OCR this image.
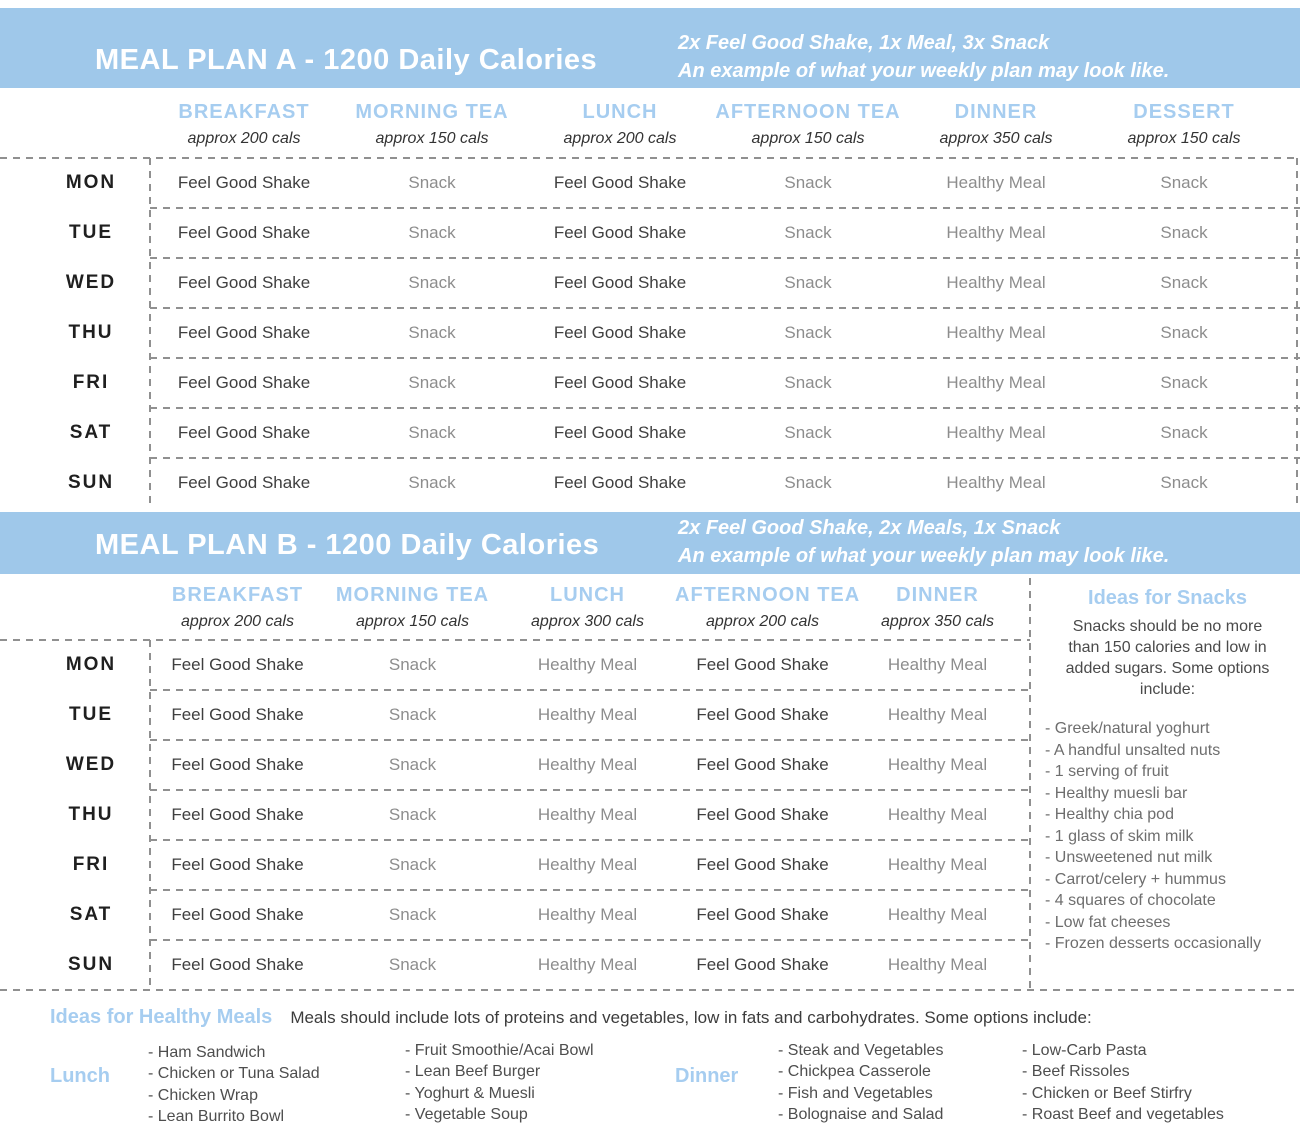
MEAL PLAN A - 1200 Daily Calories
2x Feel Good Shake, 1x Meal, 3x Snack
An example of what your weekly plan may look like.
BREAKFAST
approx 200 cals
MORNING TEA
approx 150 cals
LUNCH
approx 200 cals
AFTERNOON TEA
approx 150 cals
DINNER
approx 350 cals
DESSERT
approx 150 cals
MON	Feel Good Shake	Snack	Feel Good Shake	Snack	Healthy Meal	Snack
TUE	Feel Good Shake	Snack	Feel Good Shake	Snack	Healthy Meal	Snack
WED	Feel Good Shake	Snack	Feel Good Shake	Snack	Healthy Meal	Snack
THU	Feel Good Shake	Snack	Feel Good Shake	Snack	Healthy Meal	Snack
FRI	Feel Good Shake	Snack	Feel Good Shake	Snack	Healthy Meal	Snack
SAT	Feel Good Shake	Snack	Feel Good Shake	Snack	Healthy Meal	Snack
SUN	Feel Good Shake	Snack	Feel Good Shake	Snack	Healthy Meal	Snack
MEAL PLAN B - 1200 Daily Calories
2x Feel Good Shake, 2x Meals, 1x Snack
An example of what your weekly plan may look like.
BREAKFAST
approx 200 cals
MORNING TEA
approx 150 cals
LUNCH
approx 300 cals
AFTERNOON TEA
approx 200 cals
DINNER
approx 350 cals
MON	Feel Good Shake	Snack	Healthy Meal	Feel Good Shake	Healthy Meal
TUE	Feel Good Shake	Snack	Healthy Meal	Feel Good Shake	Healthy Meal
WED	Feel Good Shake	Snack	Healthy Meal	Feel Good Shake	Healthy Meal
THU	Feel Good Shake	Snack	Healthy Meal	Feel Good Shake	Healthy Meal
FRI	Feel Good Shake	Snack	Healthy Meal	Feel Good Shake	Healthy Meal
SAT	Feel Good Shake	Snack	Healthy Meal	Feel Good Shake	Healthy Meal
SUN	Feel Good Shake	Snack	Healthy Meal	Feel Good Shake	Healthy Meal
Ideas for Snacks

Snacks should be no more than 150 calories and low in added sugars. Some options include:

- Greek/natural yoghurt
- A handful unsalted nuts
- 1 serving of fruit
- Healthy muesli bar
- Healthy chia pod
- 1 glass of skim milk
- Unsweetened nut milk
- Carrot/celery + hummus
- 4 squares of chocolate
- Low fat cheeses
- Frozen desserts occasionally
Ideas for Healthy Meals Meals should include lots of proteins and vegetables, low in fats and carbohydrates. Some options include:
Lunch
- Ham Sandwich
- Chicken or Tuna Salad
- Chicken Wrap
- Lean Burrito Bowl
- Fruit Smoothie/Acai Bowl
- Lean Beef Burger
- Yoghurt & Muesli
- Vegetable Soup
Dinner
- Steak and Vegetables
- Chickpea Casserole
- Fish and Vegetables
- Bolognaise and Salad
- Low-Carb Pasta
- Beef Rissoles
- Chicken or Beef Stirfry
- Roast Beef and vegetables
